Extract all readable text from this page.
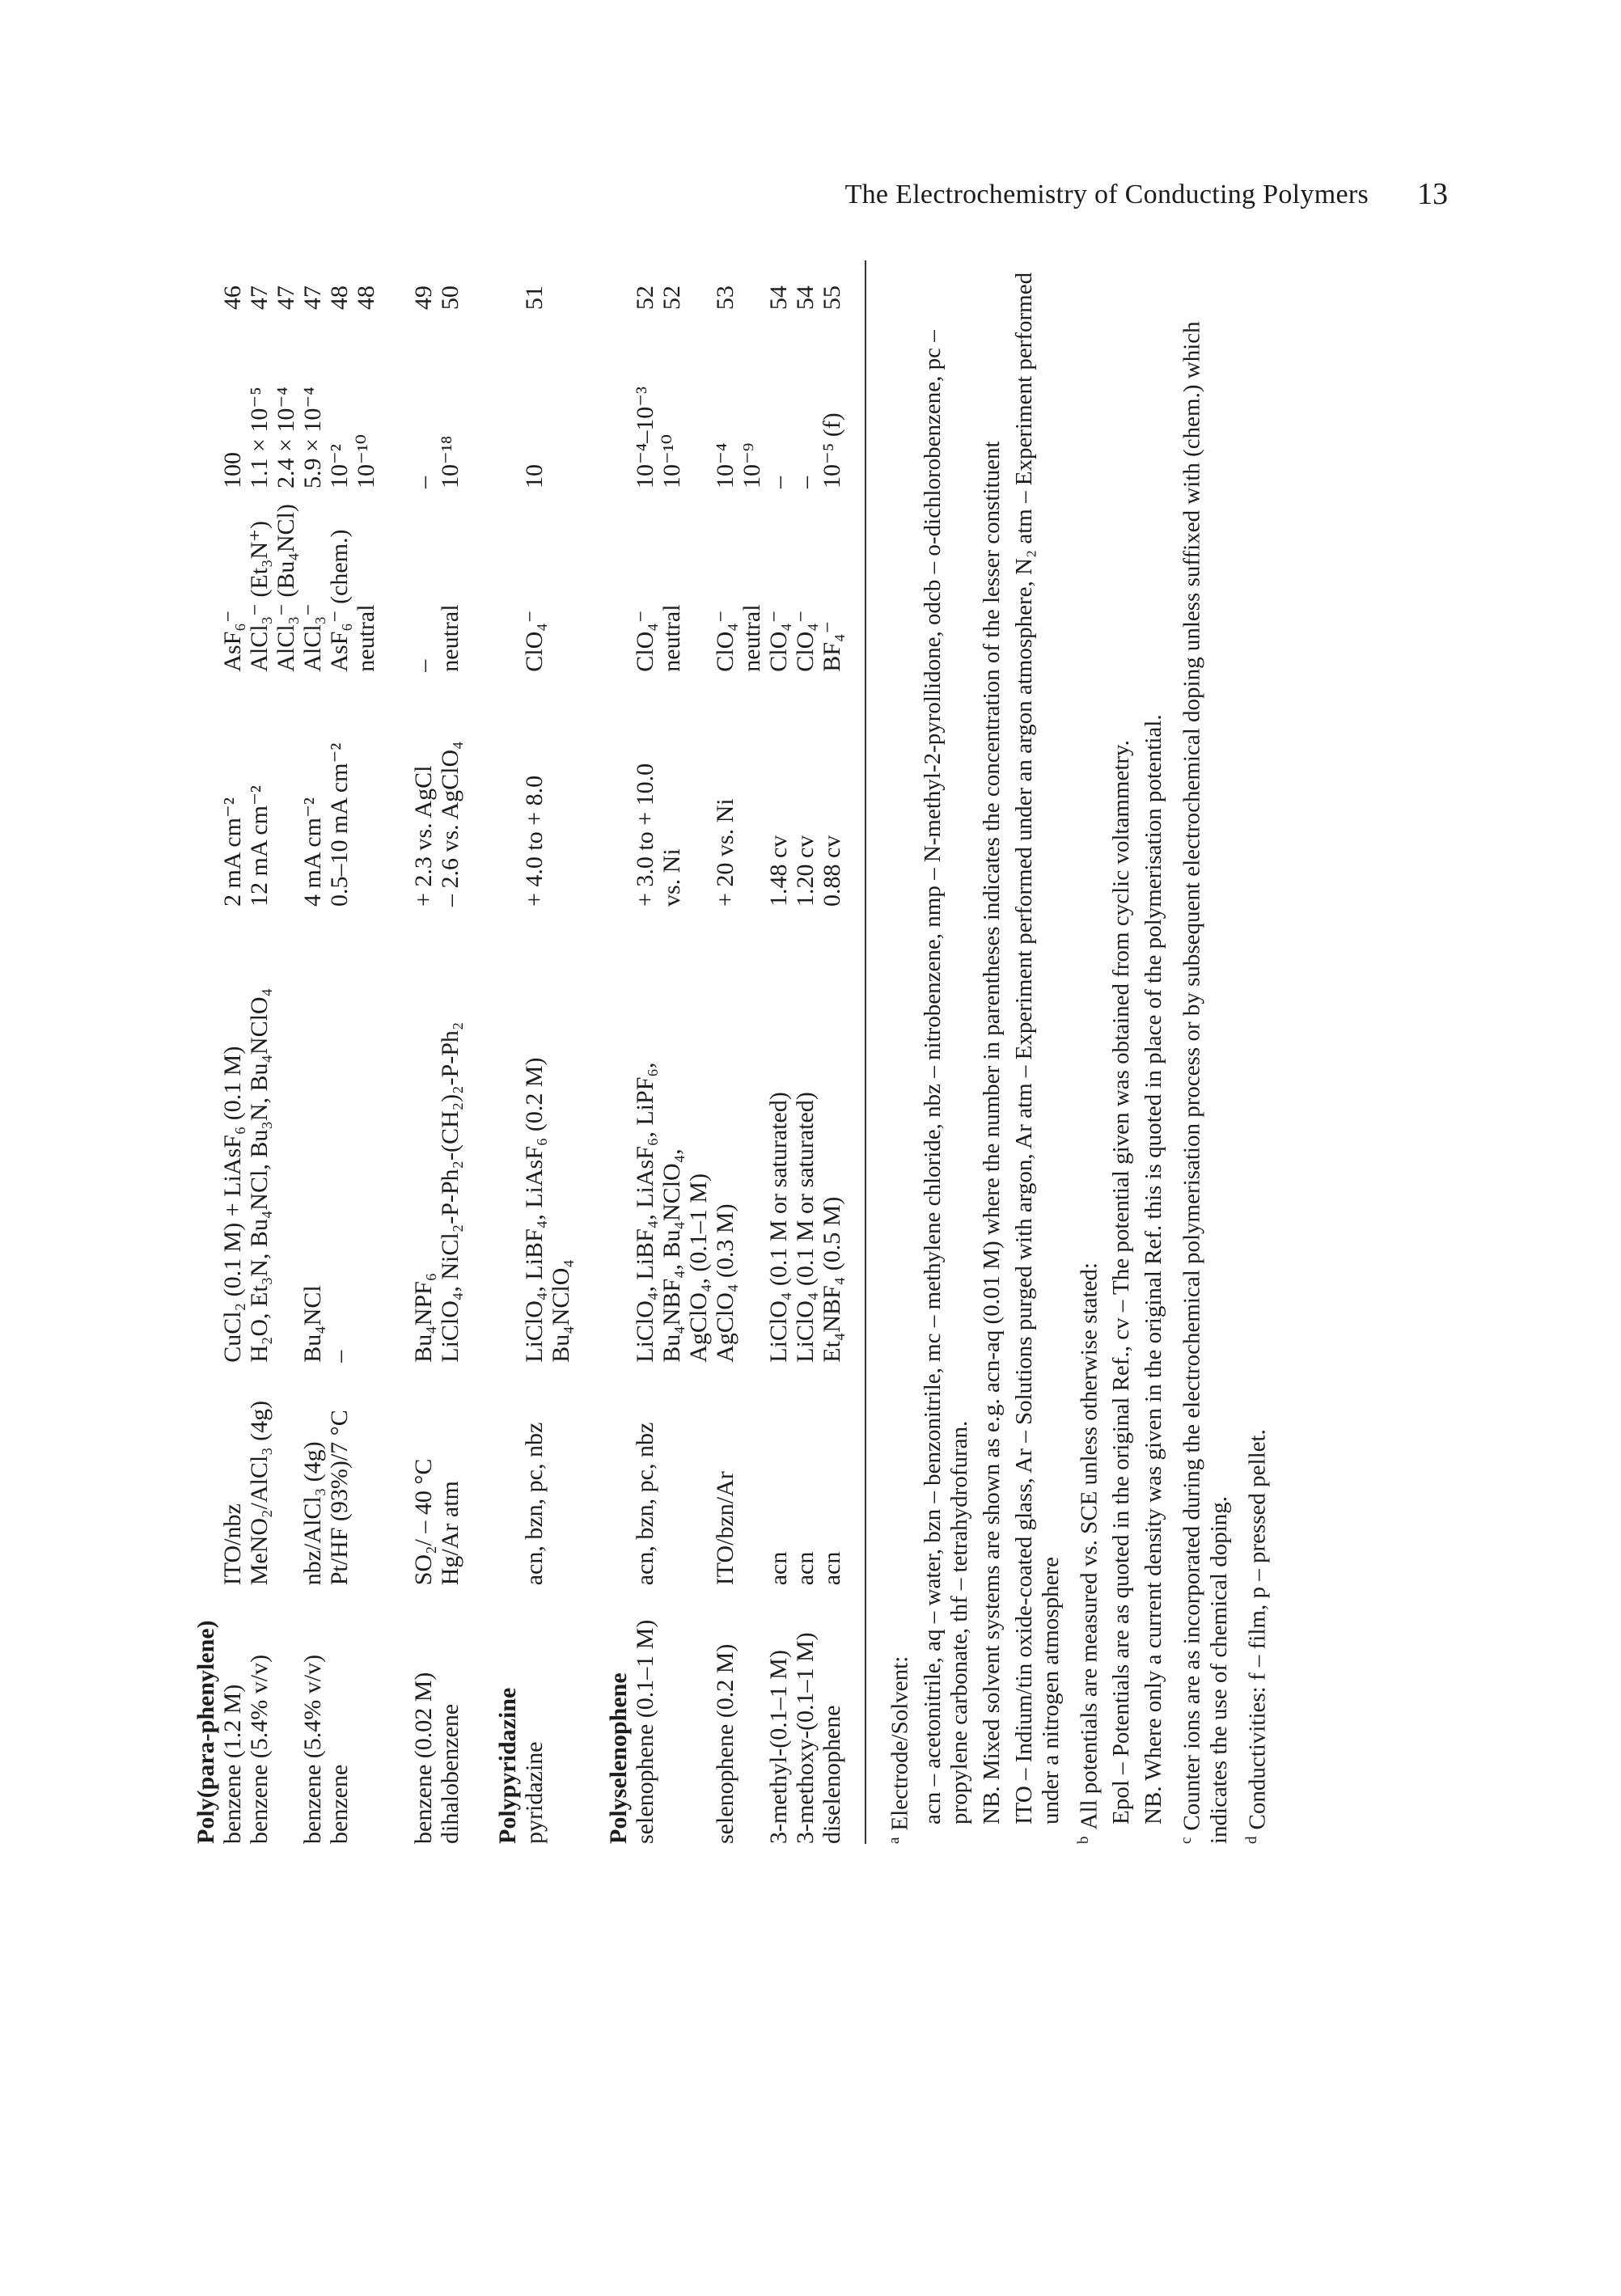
The Electrochemistry of Conducting Polymers 13
Poly(para-phenylene)						
benzene (1.2 M)	ITO/nbz	CuCl₂ (0.1 M) + LiAsF₆ (0.1 M)	2 mA cm⁻²	AsF₆⁻	100	46
benzene (5.4% v/v)	MeNO₂/AlCl₃ (4g)	H₂O, Et₃N, Bu₄NCl, Bu₃N, Bu₄NClO₄	12 mA cm⁻²	AlCl₃⁻ (Et₃N⁺)	1.1 × 10⁻⁵	47
				AlCl₃⁻ (Bu₄NCl)	2.4 × 10⁻⁴	47
benzene (5.4% v/v)	nbz/AlCl₃ (4g)	Bu₄NCl	4 mA cm⁻²	AlCl₃⁻	5.9 × 10⁻⁴	47
benzene	Pt/HF (93%)/7 °C	–	0.5–10 mA cm⁻²	AsF₆⁻ (chem.)	10⁻²	48
				neutral	10⁻¹⁰	48

benzene (0.02 M)	SO₂/ – 40 °C	Bu₄NPF₆	+ 2.3 vs. AgCl	–	–	49
dihalobenzene	Hg/Ar atm	LiClO₄, NiCl₂-P-Ph₂-(CH₂)₂-P-Ph₂	– 2.6 vs. AgClO₄	neutral	10⁻¹⁸	50

Polypyridazine						
pyridazine	acn, bzn, pc, nbz	LiClO₄, LiBF₄, LiAsF₆ (0.2 M)	+ 4.0 to + 8.0	ClO₄⁻	10	51
		Bu₄NClO₄				

Polyselenophene						
selenophene (0.1–1 M)	acn, bzn, pc, nbz	LiClO₄, LiBF₄, LiAsF₆, LiPF₆,	+ 3.0 to + 10.0	ClO₄⁻	10⁻⁴–10⁻³	52
		Bu₄NBF₄, Bu₄NClO₄,	vs. Ni	neutral	10⁻¹⁰	52
		AgClO₄, (0.1–1 M)				
selenophene (0.2 M)	ITO/bzn/Ar	AgClO₄ (0.3 M)	+ 20 vs. Ni	ClO₄⁻	10⁻⁴	53
				neutral	10⁻⁹	
3-methyl-(0.1–1 M)	acn	LiClO₄ (0.1 M or saturated)	1.48 cv	ClO₄⁻	–	54
3-methoxy-(0.1–1 M)	acn	LiClO₄ (0.1 M or saturated)	1.20 cv	ClO₄⁻	–	54
diselenophene	acn	Et₄NBF₄ (0.5 M)	0.88 cv	BF₄⁻	10⁻⁵ (f)	55

$^a$Electrode/Solvent: acn – acetonitrile, aq – water, bzn – benzonitrile, mc – methylene chloride, nbz – nitrobenzene, nmp – N-methyl-2-pyrollidone, odcb – o-dichlorobenzene, pc – propylene carbonate, thf – tetrahydrofuran. NB. Mixed solvent systems are shown as e.g. acn-aq (0.01 M) where the number in parentheses indicates the concentration of the lesser constituent ITO – Indium/tin oxide-coated glass, Ar – Solutions purged with argon, Ar atm – Experiment performed under an argon atmosphere, N₂ atm – Experiment performed under a nitrogen atmosphere

$^b$All potentials are measured vs. SCE unless otherwise stated: Epol – Potentials are as quoted in the original Ref., cv – The potential given was obtained from cyclic voltammetry. NB. Where only a current density was given in the original Ref. this is quoted in place of the polymerisation potential.

$^c$Counter ions are as incorporated during the electrochemical polymerisation process or by subsequent electrochemical doping unless suffixed with (chem.) which indicates the use of chemical doping. $^d$Conductivities: f – film, p – pressed pellet.
